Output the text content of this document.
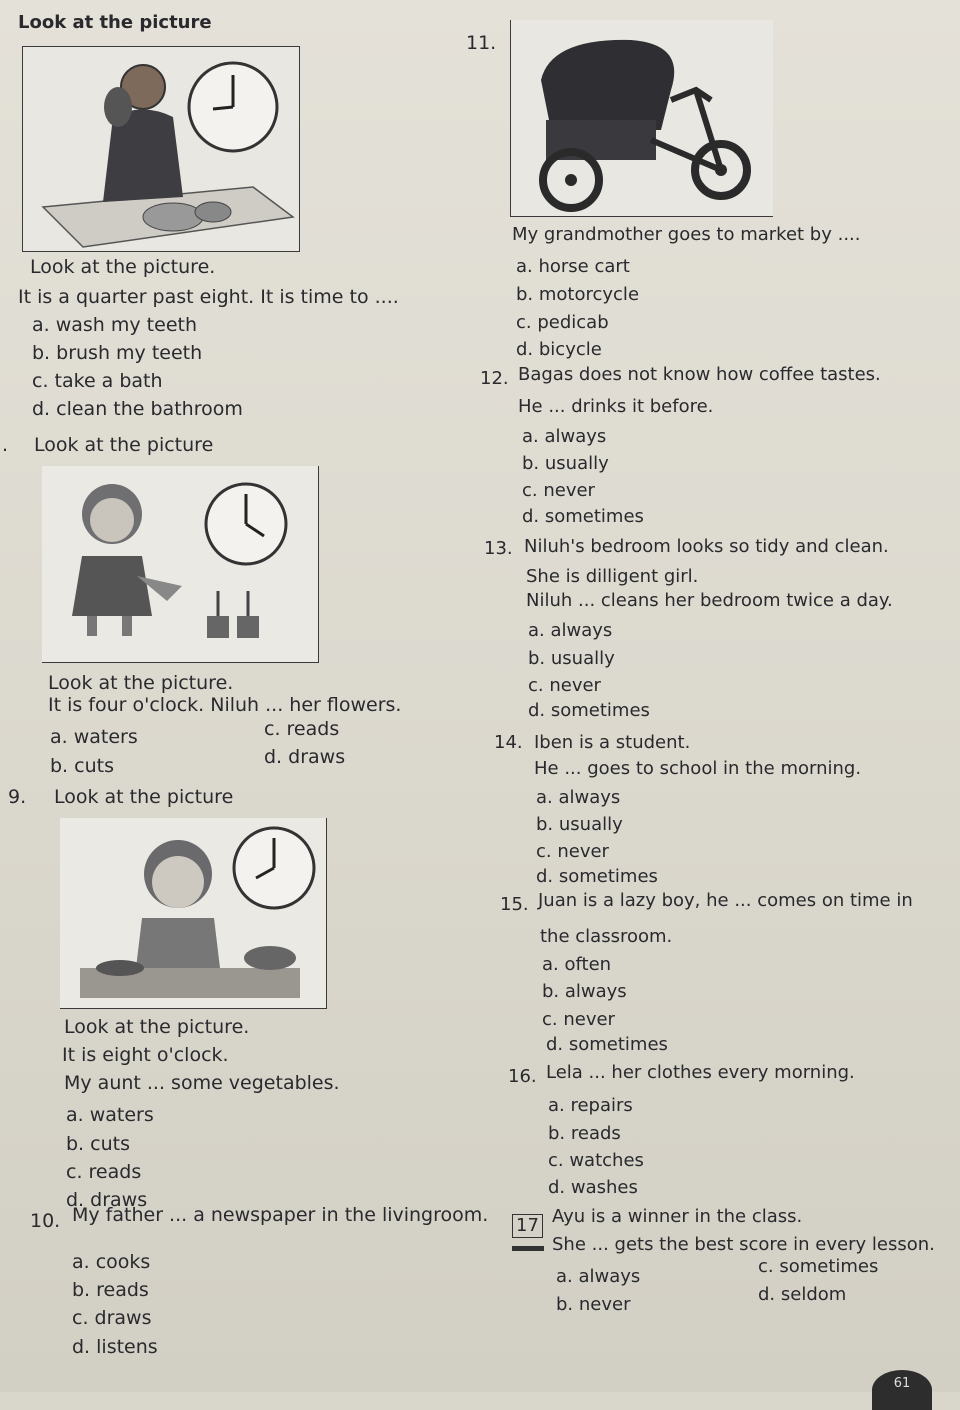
Look at the picture
11.
Look at the picture.
It is a quarter past eight. It is time to ....
a. wash my teeth
b. brush my teeth
c. take a bath
d. clean the bathroom
My grandmother goes to market by ....
a. horse cart
b. motorcycle
c. pedicab
d. bicycle
12. Bagas does not know how coffee tastes.
He ... drinks it before.
a. always
b. usually
c. never
d. sometimes
. Look at the picture
Look at the picture.
It is four o'clock. Niluh ... her flowers.
a. waters
b. cuts
c. reads
d. draws
13. Niluh's bedroom looks so tidy and clean.
She is dilligent girl.
Niluh ... cleans her bedroom twice a day.
a. always
b. usually
c. never
d. sometimes
14. Iben is a student.
He ... goes to school in the morning.
a. always
b. usually
c. never
d. sometimes
9. Look at the picture
Look at the picture.
It is eight o'clock.
My aunt ... some vegetables.
a. waters
b. cuts
c. reads
d. draws
15. Juan is a lazy boy, he ... comes on time in
the classroom.
a. often
b. always
c. never
d. sometimes
16. Lela ... her clothes every morning.
a. repairs
b. reads
c. watches
d. washes
10. My father ... a newspaper in the livingroom.
a. cooks
b. reads
c. draws
d. listens
17 Ayu is a winner in the class.
She ... gets the best score in every lesson.
a. always
b. never
c. sometimes
d. seldom
61
